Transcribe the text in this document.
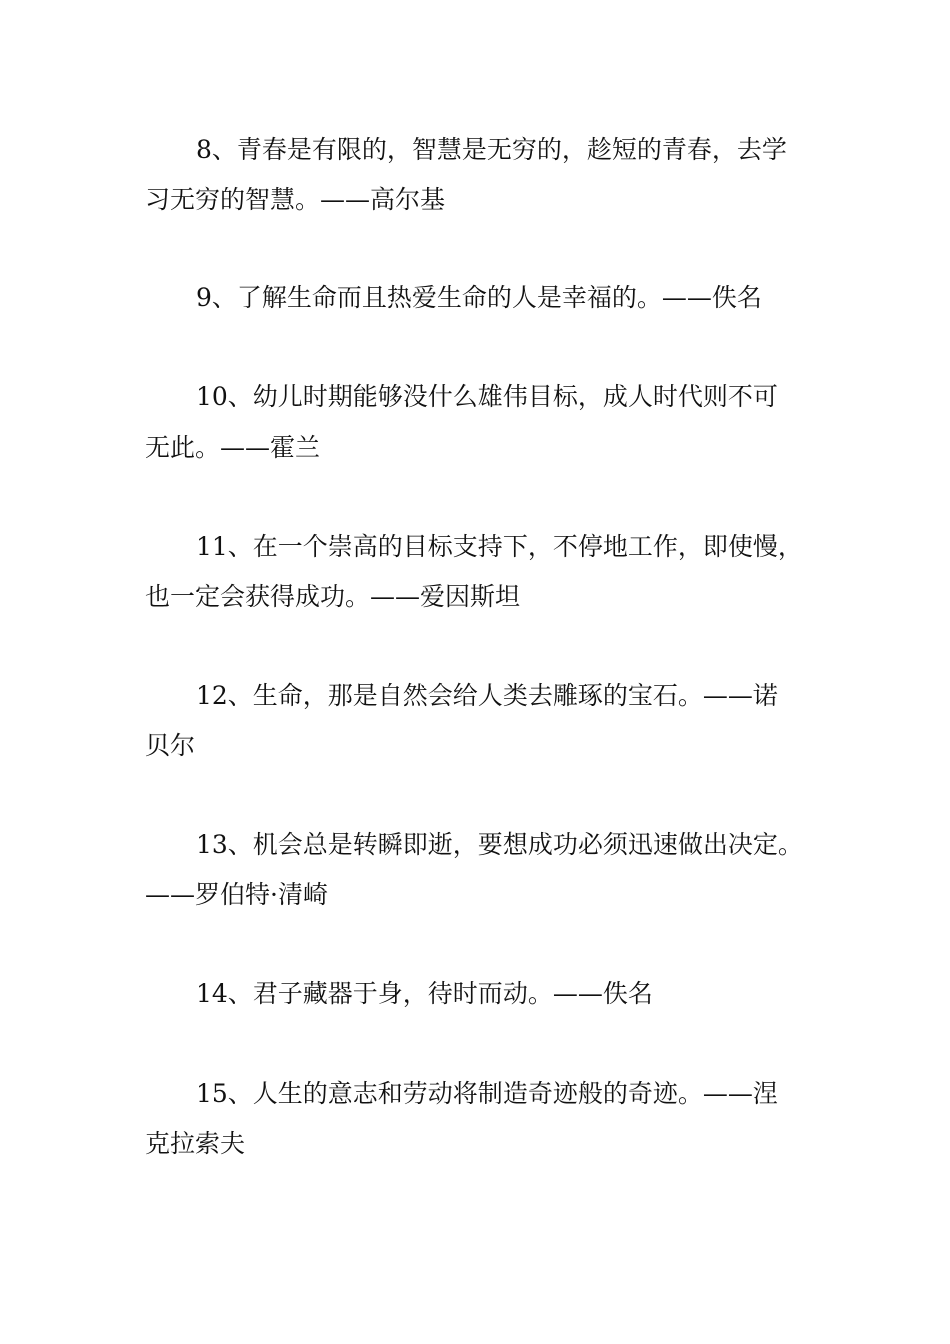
8、青春是有限的，智慧是无穷的，趁短的青春，去学
习无穷的智慧。——高尔基
9、了解生命而且热爱生命的人是幸福的。——佚名
10、幼儿时期能够没什么雄伟目标，成人时代则不可
无此。——霍兰
11、在一个崇高的目标支持下，不停地工作，即使慢，
也一定会获得成功。——爱因斯坦
12、生命，那是自然会给人类去雕琢的宝石。——诺
贝尔
13、机会总是转瞬即逝，要想成功必须迅速做出决定。
——罗伯特·清崎
14、君子藏器于身，待时而动。——佚名
15、人生的意志和劳动将制造奇迹般的奇迹。——涅
克拉索夫
